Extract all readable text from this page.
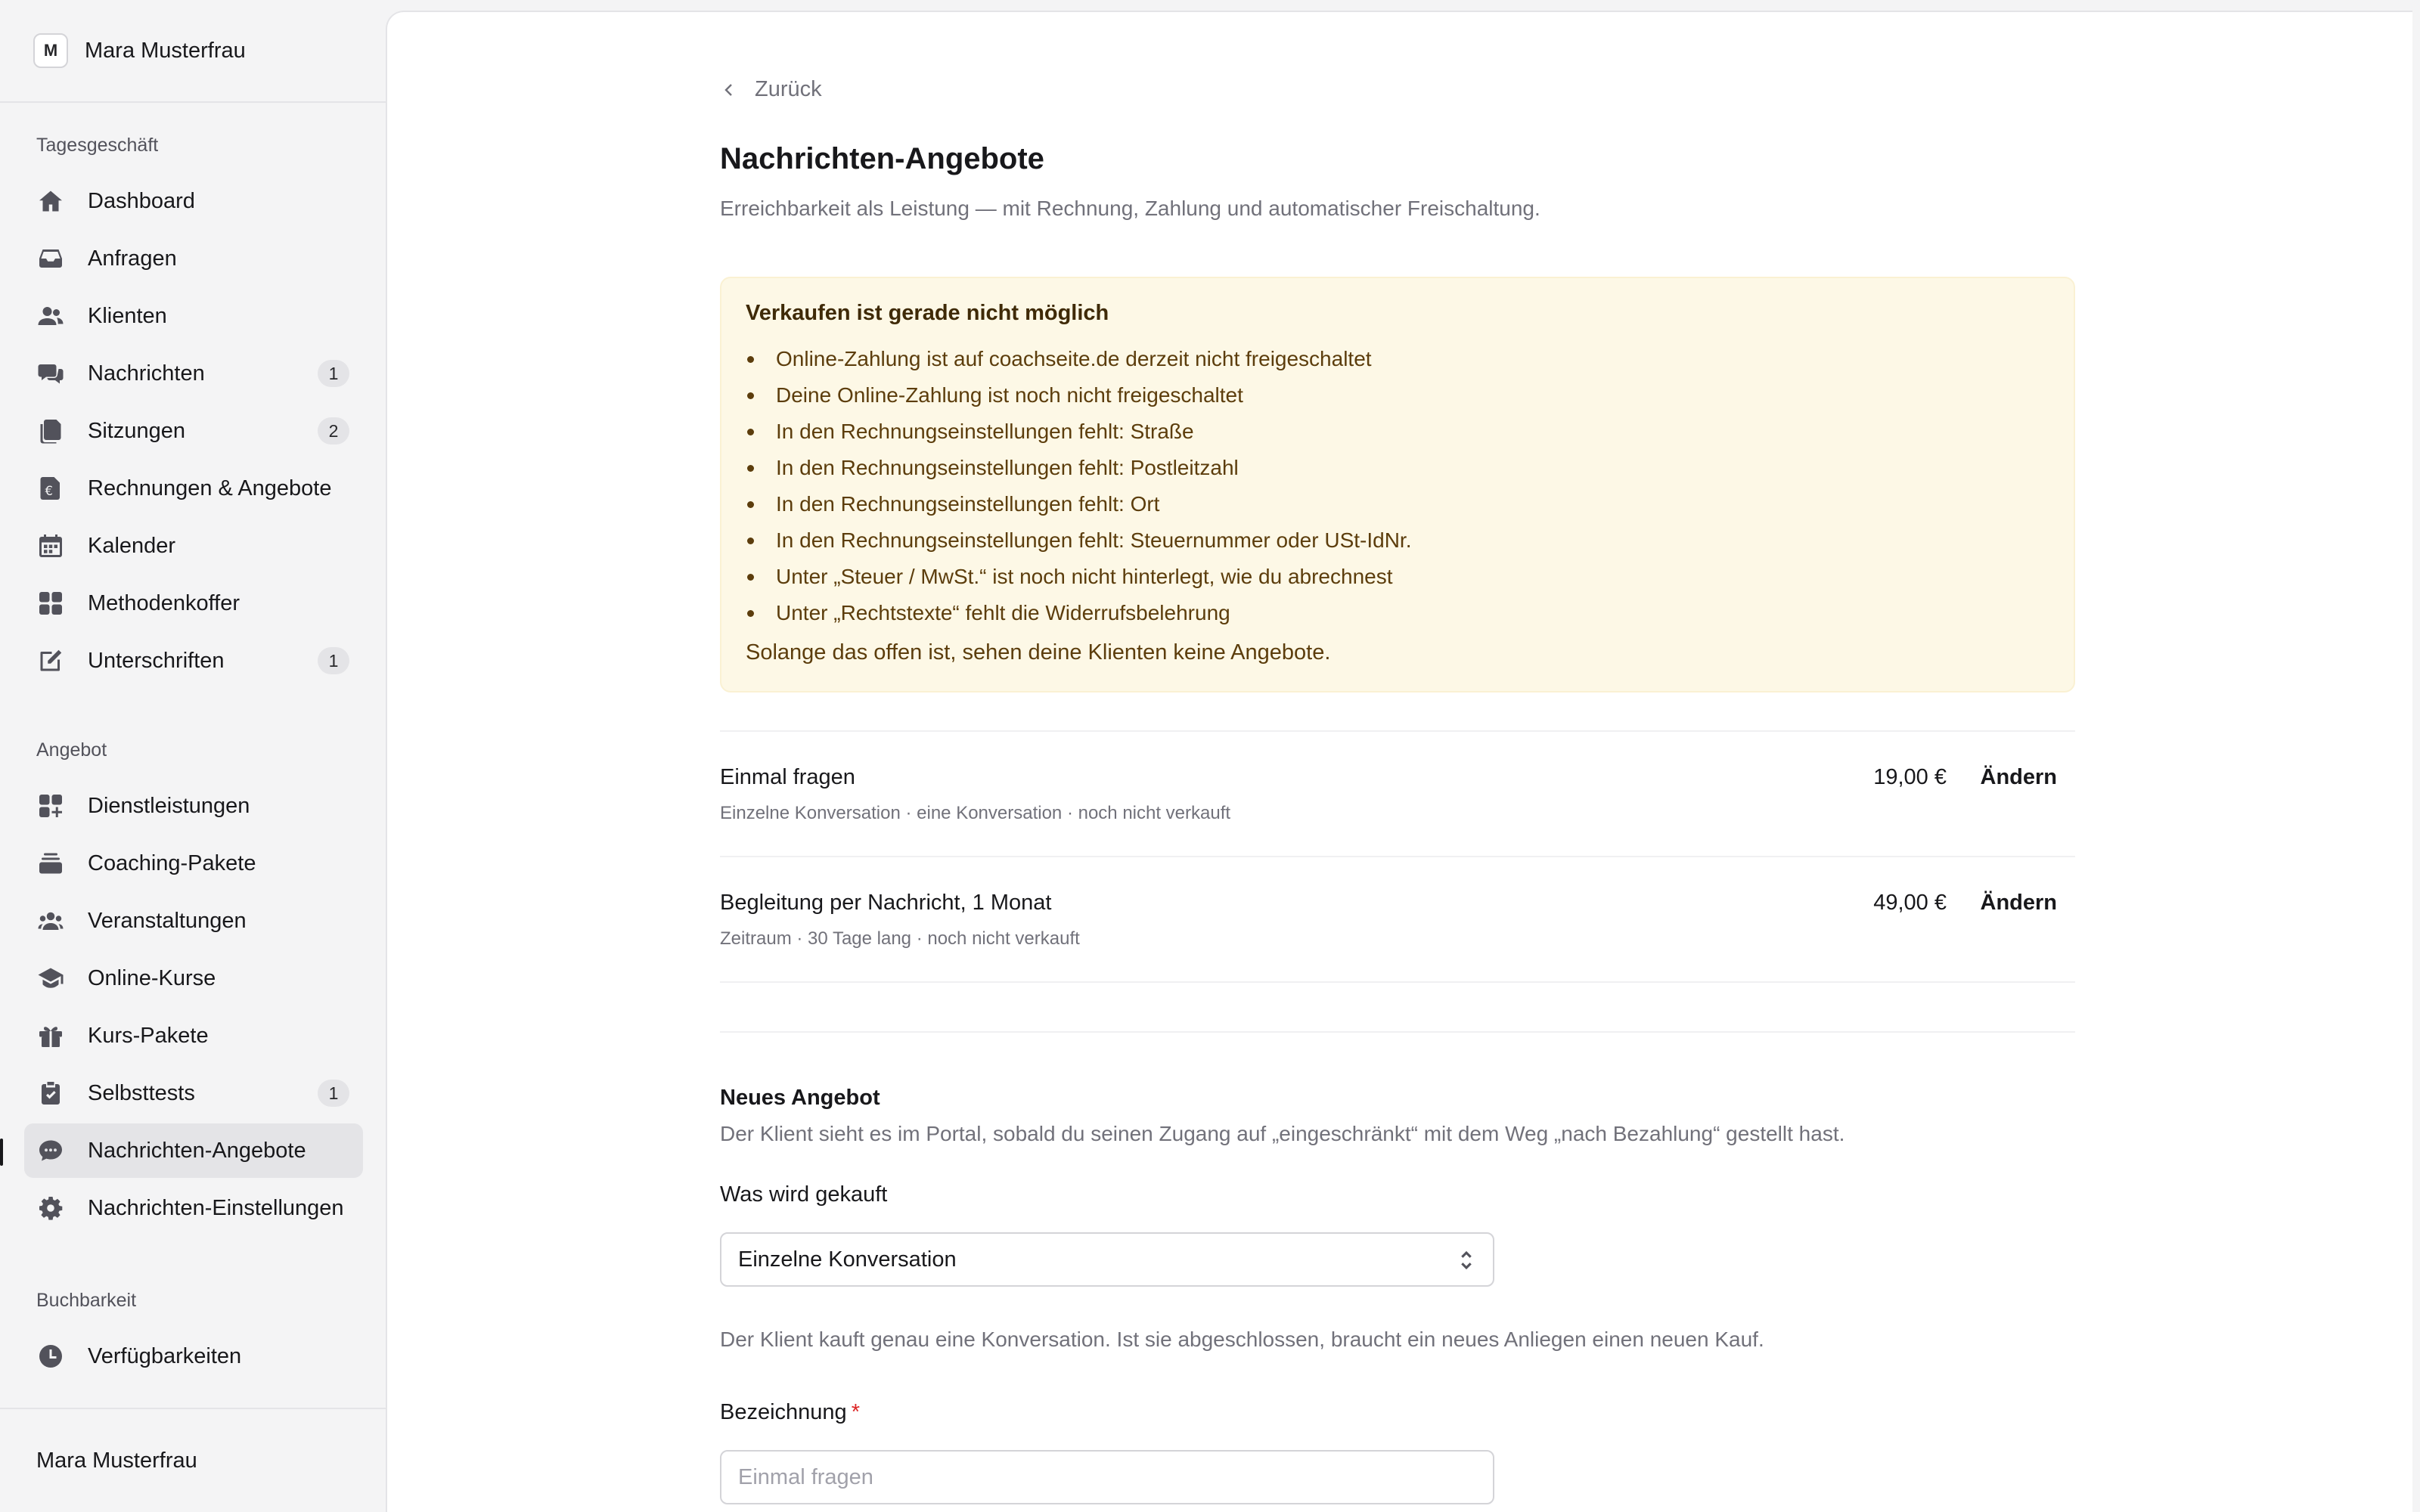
M	Mara Musterfrau
Tagesgeschäft
Dashboard
Anfragen
Klienten
Nachrichten	1
Sitzungen	2
€ Rechnungen & Angebote
Kalender
Methodenkoffer
Unterschriften	1
Angebot
Dienstleistungen
Coaching-Pakete
Veranstaltungen
Online-Kurse
Kurs-Pakete
Selbsttests	1
Nachrichten-Angebote
Nachrichten-Einstellungen
Buchbarkeit
Verfügbarkeiten
Mara Musterfrau
Zurück
Nachrichten-Angebote

Erreichbarkeit als Leistung — mit Rechnung, Zahlung und automatischer Freischaltung.

Verkaufen ist gerade nicht möglich
Online-Zahlung ist auf coachseite.de derzeit nicht freigeschaltet
Deine Online-Zahlung ist noch nicht freigeschaltet
In den Rechnungseinstellungen fehlt: Straße
In den Rechnungseinstellungen fehlt: Postleitzahl
In den Rechnungseinstellungen fehlt: Ort
In den Rechnungseinstellungen fehlt: Steuernummer oder USt-IdNr.
Unter „Steuer / MwSt.“ ist noch nicht hinterlegt, wie du abrechnest
Unter „Rechtstexte“ fehlt die Widerrufsbelehrung
Solange das offen ist, sehen deine Klienten keine Angebote.
Einmal fragen
Einzelne Konversation · eine Konversation · noch nicht verkauft
19,00 € Ändern
Begleitung per Nachricht, 1 Monat
Zeitraum · 30 Tage lang · noch nicht verkauft
49,00 € Ändern
Neues Angebot

Der Klient sieht es im Portal, sobald du seinen Zugang auf „eingeschränkt“ mit dem Weg „nach Bezahlung“ gestellt hast.

Was wird gekauft
Einzelne Konversation

Der Klient kauft genau eine Konversation. Ist sie abgeschlossen, braucht ein neues Anliegen einen neuen Kauf.

Bezeichnung *
Einmal fragen
